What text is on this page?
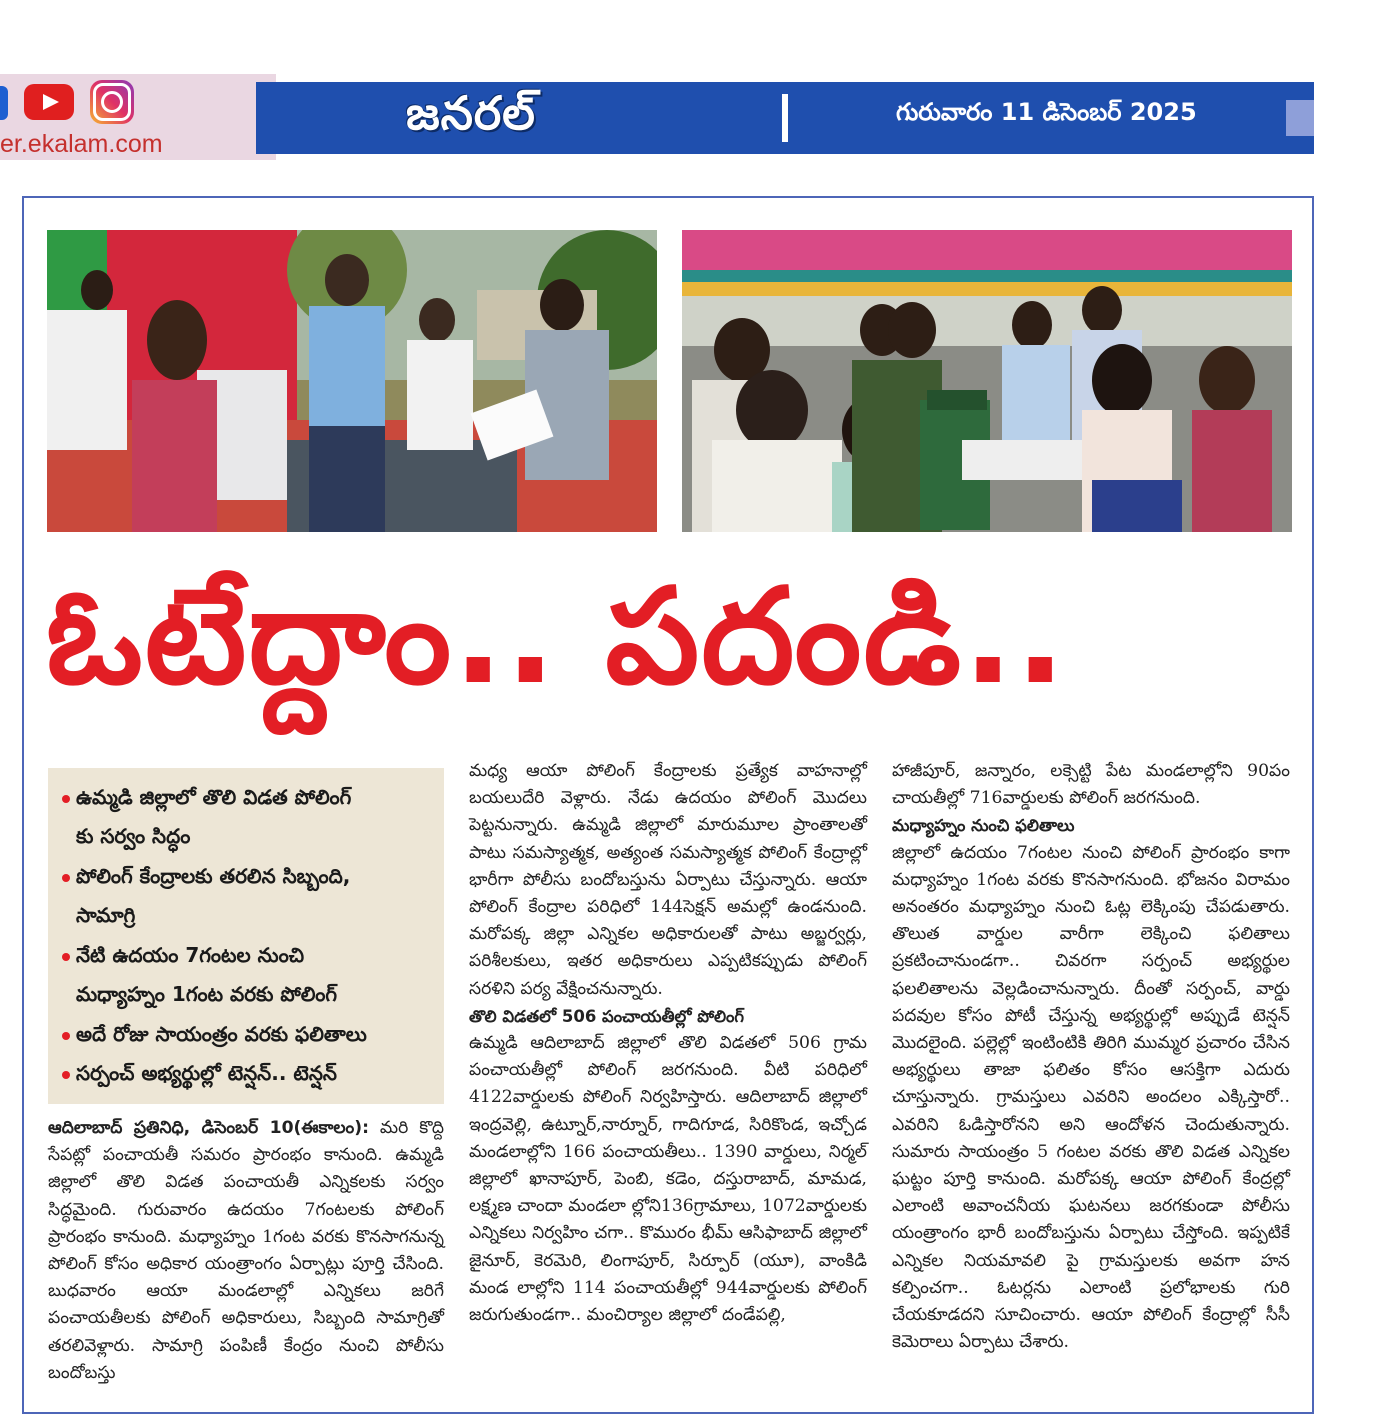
er.ekalam.com
జనరల్	గురువారం 11 డిసెంబర్ 2025
ఓటేద్దాం.. పదండి..
ఉమ్మడి జిల్లాలో తొలి విడత పోలింగ్
కు సర్వం సిద్ధం
పోలింగ్ కేంద్రాలకు తరలిన సిబ్బంది,
సామాగ్రి
నేటి ఉదయం 7గంటల నుంచి
మధ్యాహ్నం 1గంట వరకు పోలింగ్
అదే రోజు సాయంత్రం వరకు ఫలితాలు
సర్పంచ్ అభ్యర్థుల్లో టెన్షన్.. టెన్షన్

ఆదిలాబాద్ ప్రతినిధి, డిసెంబర్ 10(ఈకాలం): మరి కొద్ది సేపట్లో పంచాయతీ సమరం ప్రారంభం కానుంది. ఉమ్మడి జిల్లాలో తొలి విడత పంచాయతీ ఎన్నికలకు సర్వం సిద్ధమైంది. గురువారం ఉదయం 7గంటలకు పోలింగ్ ప్రారంభం కానుంది. మధ్యాహ్నం 1గంట వరకు కొనసాగనున్న పోలింగ్ కోసం అధికార యంత్రాంగం ఏర్పాట్లు పూర్తి చేసింది. బుధవారం ఆయా మండలాల్లో ఎన్నికలు జరిగే పంచాయతీలకు పోలింగ్ అధికారులు, సిబ్బంది సామాగ్రితో తరలివెళ్లారు. సామాగ్రి పంపిణీ కేంద్రం నుంచి పోలీసు బందోబస్తు

మధ్య ఆయా పోలింగ్ కేంద్రాలకు ప్రత్యేక వాహనాల్లో బయలుదేరి వెళ్లారు. నేడు ఉదయం పోలింగ్ మొదలు పెట్టనున్నారు. ఉమ్మడి జిల్లాలో మారుమూల ప్రాంతాలతో పాటు సమస్యాత్మక, అత్యంత సమస్యాత్మక పోలింగ్ కేంద్రాల్లో భారీగా పోలీసు బందోబస్తును ఏర్పాటు చేస్తున్నారు. ఆయా పోలింగ్ కేంద్రాల పరిధిలో 144సెక్షన్ అమల్లో ఉండనుంది. మరోపక్క జిల్లా ఎన్నికల అధికారులతో పాటు అబ్జర్వర్లు, పరిశీలకులు, ఇతర అధికారులు ఎప్పటికప్పుడు పోలింగ్ సరళిని పర్య వేక్షించనున్నారు.

తొలి విడతలో 506 పంచాయతీల్లో పోలింగ్

ఉమ్మడి ఆదిలాబాద్ జిల్లాలో తొలి విడతలో 506 గ్రామ పంచాయతీల్లో పోలింగ్ జరగనుంది. వీటి పరిధిలో 4122వార్డులకు పోలింగ్ నిర్వహిస్తారు. ఆదిలాబాద్ జిల్లాలో ఇంద్రవెల్లి, ఉట్నూర్,నార్నూర్, గాదిగూడ, సిరికొండ, ఇచ్చోడ మండలాల్లోని 166 పంచాయతీలు.. 1390 వార్డులు, నిర్మల్ జిల్లాలో ఖానాపూర్, పెంబి, కడెం, దస్తురాబాద్, మామడ, లక్ష్మణ చాందా మండలా ల్లోని136గ్రామాలు, 1072వార్డులకు ఎన్నికలు నిర్వహిం చగా.. కొమురం భీమ్ ఆసిఫాబాద్ జిల్లాలో జైనూర్, కెరమెరి, లింగాపూర్, సిర్పూర్ (యూ), వాంకిడి మండ లాల్లోని 114 పంచాయతీల్లో 944వార్డులకు పోలింగ్ జరుగుతుండగా.. మంచిర్యాల జిల్లాలో దండేపల్లి,

హాజీపూర్, జన్నారం, లక్సెట్టి పేట మండలాల్లోని 90పం చాయతీల్లో 716వార్డులకు పోలింగ్ జరగనుంది.

మధ్యాహ్నం నుంచి ఫలితాలు

జిల్లాలో ఉదయం 7గంటల నుంచి పోలింగ్ ప్రారంభం కాగా మధ్యాహ్నం 1గంట వరకు కొనసాగనుంది. భోజనం విరామం అనంతరం మధ్యాహ్నం నుంచి ఓట్ల లెక్కింపు చేపడుతారు. తొలుత వార్డుల వారీగా లెక్కించి ఫలితాలు ప్రకటించానుండగా.. చివరగా సర్పంచ్ అభ్యర్థుల ఫలలితాలను వెల్లడించానున్నారు. దీంతో సర్పంచ్, వార్డు పదవుల కోసం పోటీ చేస్తున్న అభ్యర్థుల్లో అప్పుడే టెన్షన్ మొదలైంది. పల్లెల్లో ఇంటింటికి తిరిగి ముమ్మర ప్రచారం చేసిన అభ్యర్థులు తాజా ఫలితం కోసం ఆసక్తిగా ఎదురు చూస్తున్నారు. గ్రామస్తులు ఎవరిని అందలం ఎక్కిస్తారో.. ఎవరిని ఓడిస్తారోనని అని ఆందోళన చెందుతున్నారు. సుమారు సాయంత్రం 5 గంటల వరకు తొలి విడత ఎన్నికల ఘట్టం పూర్తి కానుంది. మరోపక్క ఆయా పోలింగ్ కేంద్రల్లో ఎలాంటి అవాంచనీయ ఘటనలు జరగకుండా పోలీసు యంత్రాంగం భారీ బందోబస్తును ఏర్పాటు చేస్తోంది. ఇప్పటికే ఎన్నికల నియమావలి పై గ్రామస్తులకు అవగా హన కల్పించగా.. ఓటర్లను ఎలాంటి ప్రలోభాలకు గురి చేయకూడదని సూచించారు. ఆయా పోలింగ్ కేంద్రాల్లో సీసీ కెమెరాలు ఏర్పాటు చేశారు.
